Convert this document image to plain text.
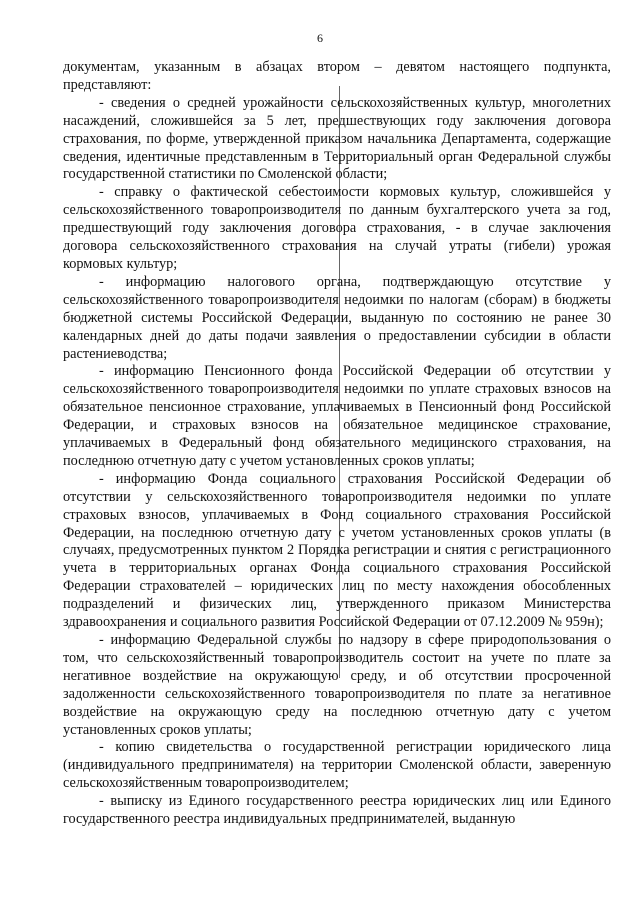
6

документам, указанным в абзацах втором – девятом настоящего подпункта, представляют:

- сведения о средней урожайности сельскохозяйственных культур, многолетних насаждений, сложившейся за 5 лет, предшествующих году заключения договора страхования, по форме, утвержденной приказом начальника Департамента, содержащие сведения, идентичные представленным в Территориальный орган Федеральной службы государственной статистики по Смоленской области;

- справку о фактической себестоимости кормовых культур, сложившейся у сельскохозяйственного товаропроизводителя по данным бухгалтерского учета за год, предшествующий году заключения договора страхования, - в случае заключения договора сельскохозяйственного страхования на случай утраты (гибели) урожая кормовых культур;

- информацию налогового органа, подтверждающую отсутствие у сельскохозяйственного товаропроизводителя недоимки по налогам (сборам) в бюджеты бюджетной системы Российской Федерации, выданную по состоянию не ранее 30 календарных дней до даты подачи заявления о предоставлении субсидии в области растениеводства;

- информацию Пенсионного фонда Российской Федерации об отсутствии у сельскохозяйственного товаропроизводителя недоимки по уплате страховых взносов на обязательное пенсионное страхование, уплачиваемых в Пенсионный фонд Российской Федерации, и страховых взносов на обязательное медицинское страхование, уплачиваемых в Федеральный фонд обязательного медицинского страхования, на последнюю отчетную дату с учетом установленных сроков уплаты;

- информацию Фонда социального страхования Российской Федерации об отсутствии у сельскохозяйственного товаропроизводителя недоимки по уплате страховых взносов, уплачиваемых в Фонд социального страхования Российской Федерации, на последнюю отчетную дату с учетом установленных сроков уплаты (в случаях, предусмотренных пунктом 2 Порядка регистрации и снятия с регистрационного учета в территориальных органах Фонда социального страхования Российской Федерации страхователей – юридических лиц по месту нахождения обособленных подразделений и физических лиц, утвержденного приказом Министерства здравоохранения и социального развития Российской Федерации от 07.12.2009 № 959н);

- информацию Федеральной службы по надзору в сфере природопользования о том, что сельскохозяйственный товаропроизводитель состоит на учете по плате за негативное воздействие на окружающую среду, и об отсутствии просроченной задолженности сельскохозяйственного товаропроизводителя по плате за негативное воздействие на окружающую среду на последнюю отчетную дату с учетом установленных сроков уплаты;

- копию свидетельства о государственной регистрации юридического лица (индивидуального предпринимателя) на территории Смоленской области, заверенную сельскохозяйственным товаропроизводителем;

- выписку из Единого государственного реестра юридических лиц или Единого государственного реестра индивидуальных предпринимателей, выданную
